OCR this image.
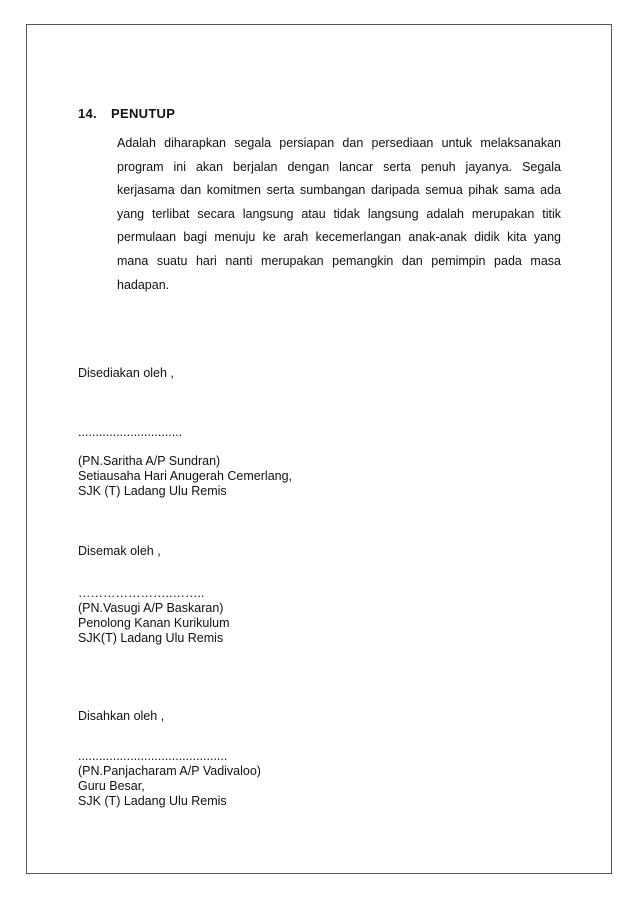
14. PENUTUP

Adalah diharapkan segala persiapan dan persediaan untuk melaksanakan program ini akan berjalan dengan lancar serta penuh jayanya. Segala kerjasama dan komitmen serta sumbangan daripada semua pihak sama ada yang terlibat secara langsung atau tidak langsung adalah merupakan titik permulaan bagi menuju ke arah kecemerlangan anak-anak didik kita yang mana suatu hari nanti merupakan pemangkin dan pemimpin pada masa hadapan.

Disediakan oleh ,
..............................
(PN.Saritha A/P Sundran)
Setiausaha Hari Anugerah Cemerlang,
SJK (T) Ladang Ulu Remis
Disemak oleh ,
…………………..……..
(PN.Vasugi A/P Baskaran)
Penolong Kanan Kurikulum
SJK(T) Ladang Ulu Remis
Disahkan oleh ,
...........................................
(PN.Panjacharam A/P Vadivaloo)
Guru Besar,
SJK (T) Ladang Ulu Remis
